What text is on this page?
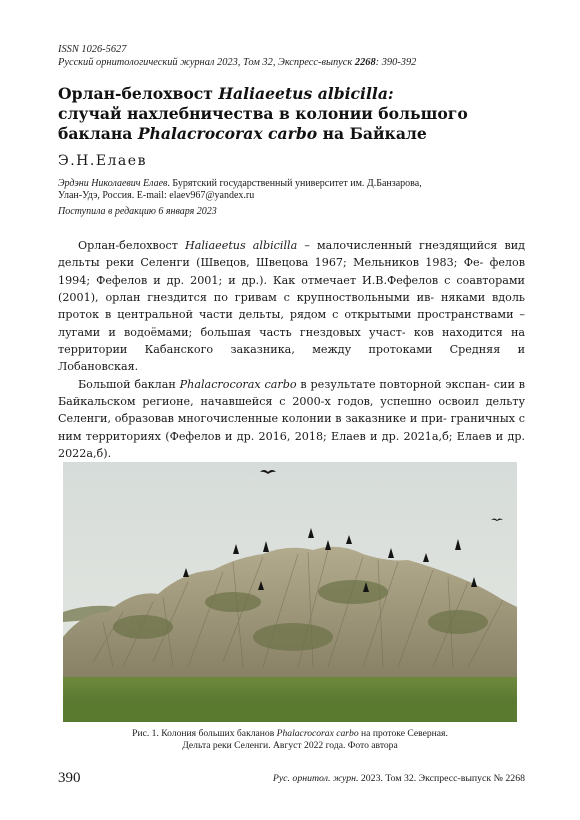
ISSN 1026-5627
Русский орнитологический журнал 2023, Том 32, Экспресс-выпуск 2268: 390-392
Орлан-белохвост Haliaeetus albicilla:
случай нахлебничества в колонии большого
баклана Phalacrocorax carbo на Байкале
Э.Н.Елаев
Эрдэни Николаевич Елаев. Бурятский государственный университет им. Д.Банзарова,
Улан-Удэ, Россия. E-mail: elaev967@yandex.ru
Поступила в редакцию 6 января 2023

Орлан-белохвост Haliaeetus albicilla – малочисленный гнездящийся вид дельты реки Селенги (Швецов, Швецова 1967; Мельников 1983; Фе- фелов 1994; Фефелов и др. 2001; и др.). Как отмечает И.В.Фефелов с соавторами (2001), орлан гнездится по гривам с крупноствольными ив- няками вдоль проток в центральной части дельты, рядом с открытыми пространствами – лугами и водоёмами; большая часть гнездовых участ- ков находится на территории Кабанского заказника, между протоками Средняя и Лобановская.

Большой баклан Phalacrocorax carbo в результате повторной экспан- сии в Байкальском регионе, начавшейся с 2000-х годов, успешно освоил дельту Селенги, образовав многочисленные колонии в заказнике и при- граничных с ним территориях (Фефелов и др. 2016, 2018; Елаев и др. 2021а,б; Елаев и др. 2022а,б).

Рис. 1. Колония больших бакланов Phalacrocorax carbo на протоке Северная.
Дельта реки Селенги. Август 2022 года. Фото автора
390	Рус. орнитол. журн. 2023. Том 32. Экспресс-выпуск № 2268
